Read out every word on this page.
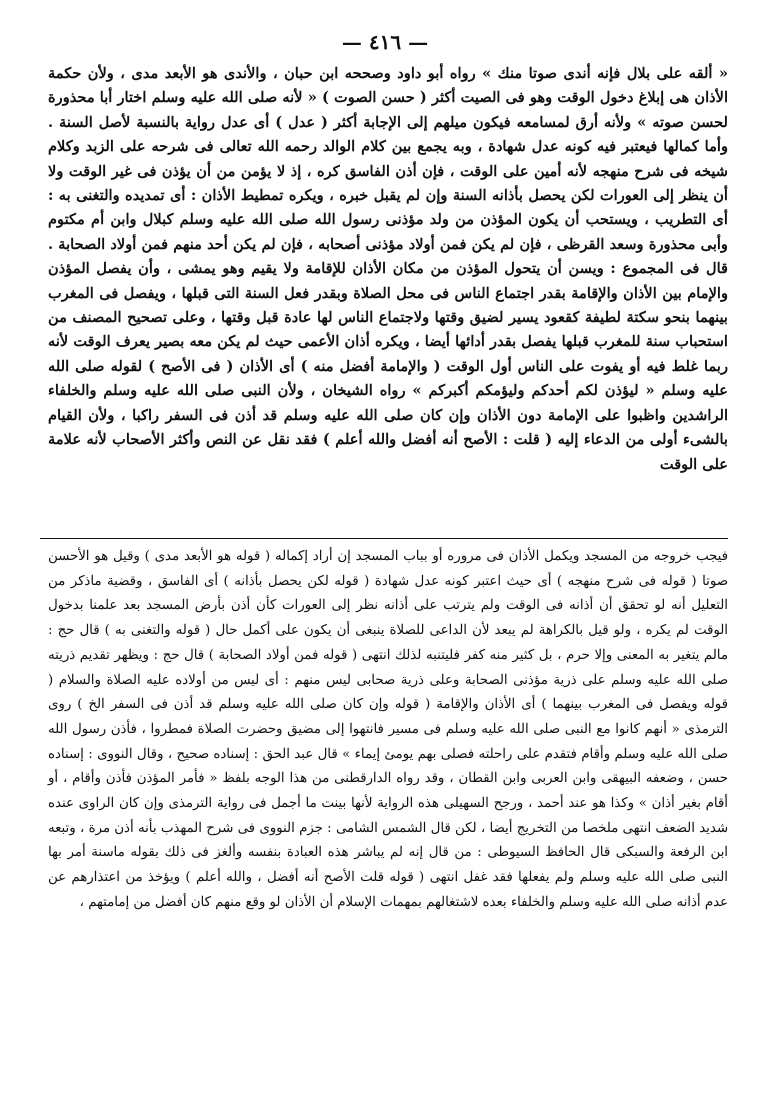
— ٤١٦ —

« ألقه على بلال فإنه أندى صوتا منك » رواه أبو داود وصححه ابن حبان ، والأندى هو الأبعد مدى ، ولأن حكمة الأذان هى إبلاغ دخول الوقت وهو فى الصيت أكثر ( حسن الصوت ) « لأنه صلى الله عليه وسلم اختار أبا محذورة لحسن صوته » ولأنه أرق لمسامعه فيكون ميلهم إلى الإجابة أكثر ( عدل ) أى عدل رواية بالنسبة لأصل السنة . وأما كمالها فيعتبر فيه كونه عدل شهادة ، وبه يجمع بين كلام الوالد رحمه الله تعالى فى شرحه على الزبد وكلام شيخه فى شرح منهجه لأنه أمين على الوقت ، فإن أذن الفاسق كره ، إذ لا يؤمن من أن يؤذن فى غير الوقت ولا أن ينظر إلى العورات لكن يحصل بأذانه السنة وإن لم يقبل خبره ، ويكره تمطيط الأذان : أى تمديده والتغنى به : أى التطريب ، ويستحب أن يكون المؤذن من ولد مؤذنى رسول الله صلى الله عليه وسلم كبلال وابن أم مكتوم وأبى محذورة وسعد القرظى ، فإن لم يكن فمن أولاد مؤذنى أصحابه ، فإن لم يكن أحد منهم فمن أولاد الصحابة . قال فى المجموع : ويسن أن يتحول المؤذن من مكان الأذان للإقامة ولا يقيم وهو يمشى ، وأن يفصل المؤذن والإمام بين الأذان والإقامة بقدر اجتماع الناس فى محل الصلاة وبقدر فعل السنة التى قبلها ، ويفصل فى المغرب بينهما بنحو سكتة لطيفة كقعود يسير لضيق وقتها ولاجتماع الناس لها عادة قبل وقتها ، وعلى تصحيح المصنف من استحباب سنة للمغرب قبلها يفصل بقدر أدائها أيضا ، ويكره أذان الأعمى حيث لم يكن معه بصير يعرف الوقت لأنه ربما غلط فيه أو يفوت على الناس أول الوقت ( والإمامة أفضل منه ) أى الأذان ( فى الأصح ) لقوله صلى الله عليه وسلم « ليؤذن لكم أحدكم وليؤمكم أكبركم » رواه الشيخان ، ولأن النبى صلى الله عليه وسلم والخلفاء الراشدين واظبوا على الإمامة دون الأذان وإن كان صلى الله عليه وسلم قد أذن فى السفر راكبا ، ولأن القيام بالشىء أولى من الدعاء إليه ( قلت : الأصح أنه أفضل والله أعلم ) فقد نقل عن النص وأكثر الأصحاب لأنه علامة على الوقت

فيجب خروجه من المسجد ويكمل الأذان فى مروره أو بباب المسجد إن أراد إكماله ( قوله هو الأبعد مدى ) وقيل هو الأحسن صوتا ( قوله فى شرح منهجه ) أى حيث اعتبر كونه عدل شهادة ( قوله لكن يحصل بأذانه ) أى الفاسق ، وقضية ماذكر من التعليل أنه لو تحقق أن أذانه فى الوقت ولم يترتب على أذانه نظر إلى العورات كأن أذن بأرض المسجد بعد علمنا بدخول الوقت لم يكره ، ولو قيل بالكراهة لم يبعد لأن الداعى للصلاة ينبغى أن يكون على أكمل حال ( قوله والتغنى به ) قال حج : مالم يتغير به المعنى وإلا حرم ، بل كثير منه كفر فليتنبه لذلك انتهى ( قوله فمن أولاد الصحابة ) قال حج : ويظهر تقديم ذريته صلى الله عليه وسلم على ذرية مؤذنى الصحابة وعلى ذرية صحابى ليس منهم : أى ليس من أولاده عليه الصلاة والسلام ( قوله ويفصل فى المغرب بينهما ) أى الأذان والإقامة ( قوله وإن كان صلى الله عليه وسلم قد أذن فى السفر الخ ) روى الترمذى « أنهم كانوا مع النبى صلى الله عليه وسلم فى مسير فانتهوا إلى مضيق وحضرت الصلاة فمطروا ، فأذن رسول الله صلى الله عليه وسلم وأقام فتقدم على راحلته فصلى بهم يومئ إيماء » قال عبد الحق : إسناده صحيح ، وقال النووى : إسناده حسن ، وضعفه البيهقى وابن العربى وابن القطان ، وقد رواه الدارقطنى من هذا الوجه بلفظ « فأمر المؤذن فأذن وأقام ، أو أقام بغير أذان » وكذا هو عند أحمد ، ورجح السهيلى هذه الرواية لأنها بينت ما أجمل فى رواية الترمذى وإن كان الراوى عنده شديد الضعف انتهى ملخصا من التخريج أيضا ، لكن قال الشمس الشامى : جزم النووى فى شرح المهذب بأنه أذن مرة ، وتبعه ابن الرفعة والسبكى قال الحافظ السيوطى : من قال إنه لم يباشر هذه العبادة بنفسه وألغز فى ذلك بقوله ماسنة أمر بها النبى صلى الله عليه وسلم ولم يفعلها فقد غفل انتهى ( قوله قلت الأصح أنه أفضل ، والله أعلم ) ويؤخذ من اعتذارهم عن عدم أذانه صلى الله عليه وسلم والخلفاء بعده لاشتغالهم بمهمات الإسلام أن الأذان لو وقع منهم كان أفضل من إمامتهم ،
